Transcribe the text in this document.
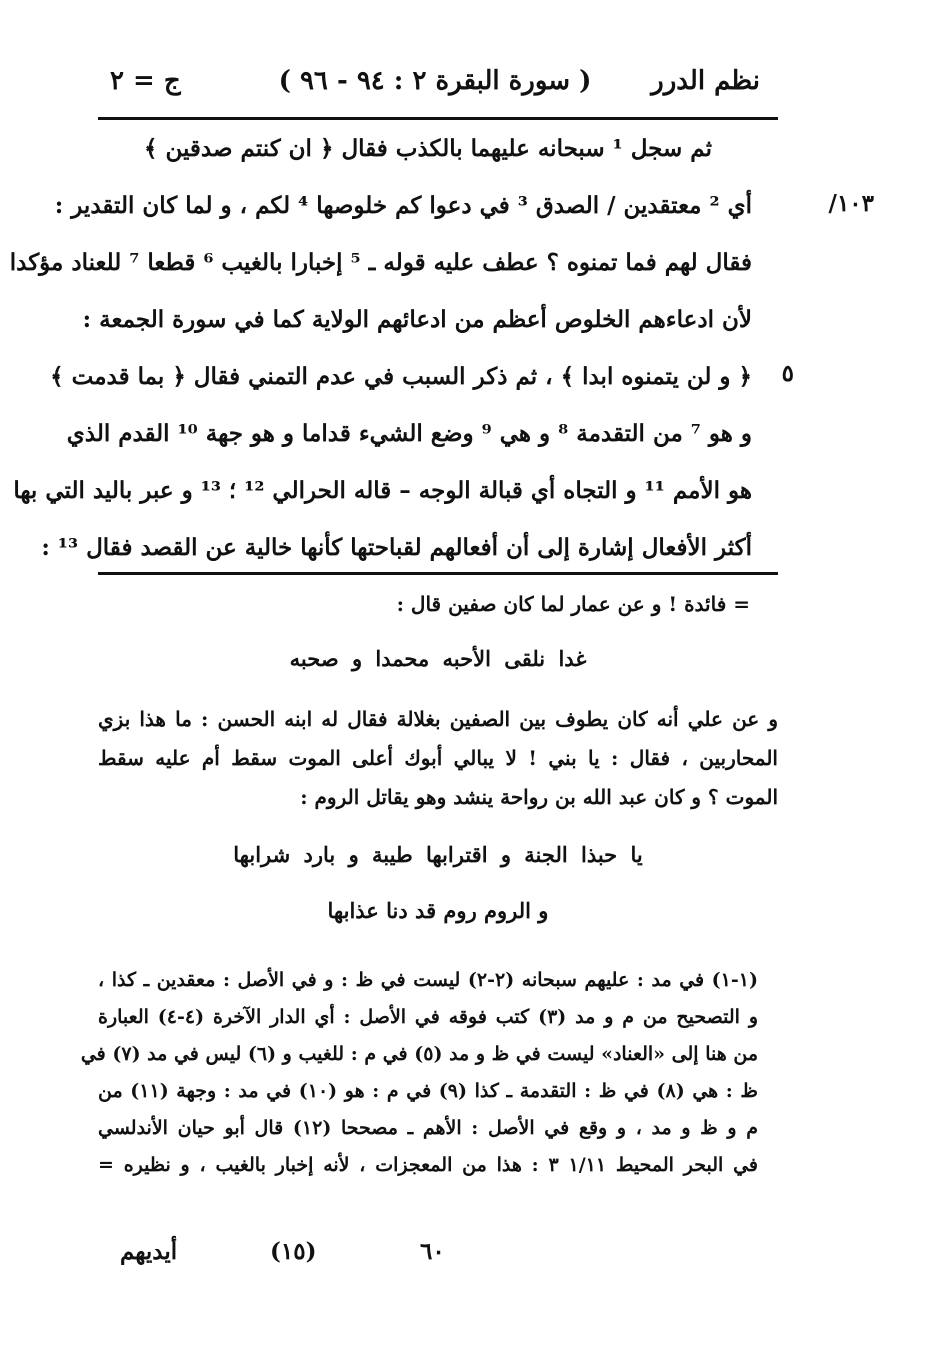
نظم الدرر
( سورة البقرة ٢ : ٩٤ - ٩٦ )
ج = ٢
/١٠٣
٥
ثم سجل ¹ سبحانه عليهما بالكذب فقال ﴿ ان كنتم صدقين ﴾
أي ² معتقدين / الصدق ³ في دعوا كم خلوصها ⁴ لكم ، و لما كان التقدير :
فقال لهم فما تمنوه ؟ عطف عليه قوله ـ ⁵ إخبارا بالغيب ⁶ قطعا ⁷ للعناد مؤكدا
لأن ادعاءهم الخلوص أعظم من ادعائهم الولاية كما في سورة الجمعة :
﴿ و لن يتمنوه ابدا ﴾ ، ثم ذكر السبب في عدم التمني فقال ﴿ بما قدمت ﴾
و هو ⁷ من التقدمة ⁸ و هي ⁹ وضع الشيء قداما و هو جهة ¹⁰ القدم الذي
هو الأمم ¹¹ و التجاه أي قبالة الوجه – قاله الحرالي ¹² ؛ ¹³ و عبر باليد التي بها
أكثر الأفعال إشارة إلى أن أفعالهم لقباحتها كأنها خالية عن القصد فقال ¹³ :
= فائدة ! و عن عمار لما كان صفين قال :
غدا نلقى الأحبه محمدا و صحبه
و عن علي أنه كان يطوف بين الصفين بغلالة فقال له ابنه الحسن : ما هذا بزي
المحاربين ، فقال : يا بني ! لا يبالي أبوك أعلى الموت سقط أم عليه سقط
الموت ؟ و كان عبد الله بن رواحة ينشد وهو يقاتل الروم :
يا حبذا الجنة و اقترابها طيبة و بارد شرابها
و الروم روم قد دنا عذابها
(١-١) في مد : عليهم سبحانه (٢-٢) ليست في ظ : و في الأصل : معقدين ـ كذا ،
و التصحيح من م و مد (٣) كتب فوقه في الأصل : أي الدار الآخرة (٤-٤) العبارة
من هنا إلى «العناد» ليست في ظ و مد (٥) في م : للغيب و (٦) ليس في مد (٧) في
ظ : هي (٨) في ظ : التقدمة ـ كذا (٩) في م : هو (١٠) في مد : وجهة (١١) من
م و ظ و مد ، و وقع في الأصل : الأهم ـ مصححا (١٢) قال أبو حيان الأندلسي
في البحر المحيط ١/١١ ٣ : هذا من المعجزات ، لأنه إخبار بالغيب ، و نظيره =
أيديهم	(١٥)	٦٠
